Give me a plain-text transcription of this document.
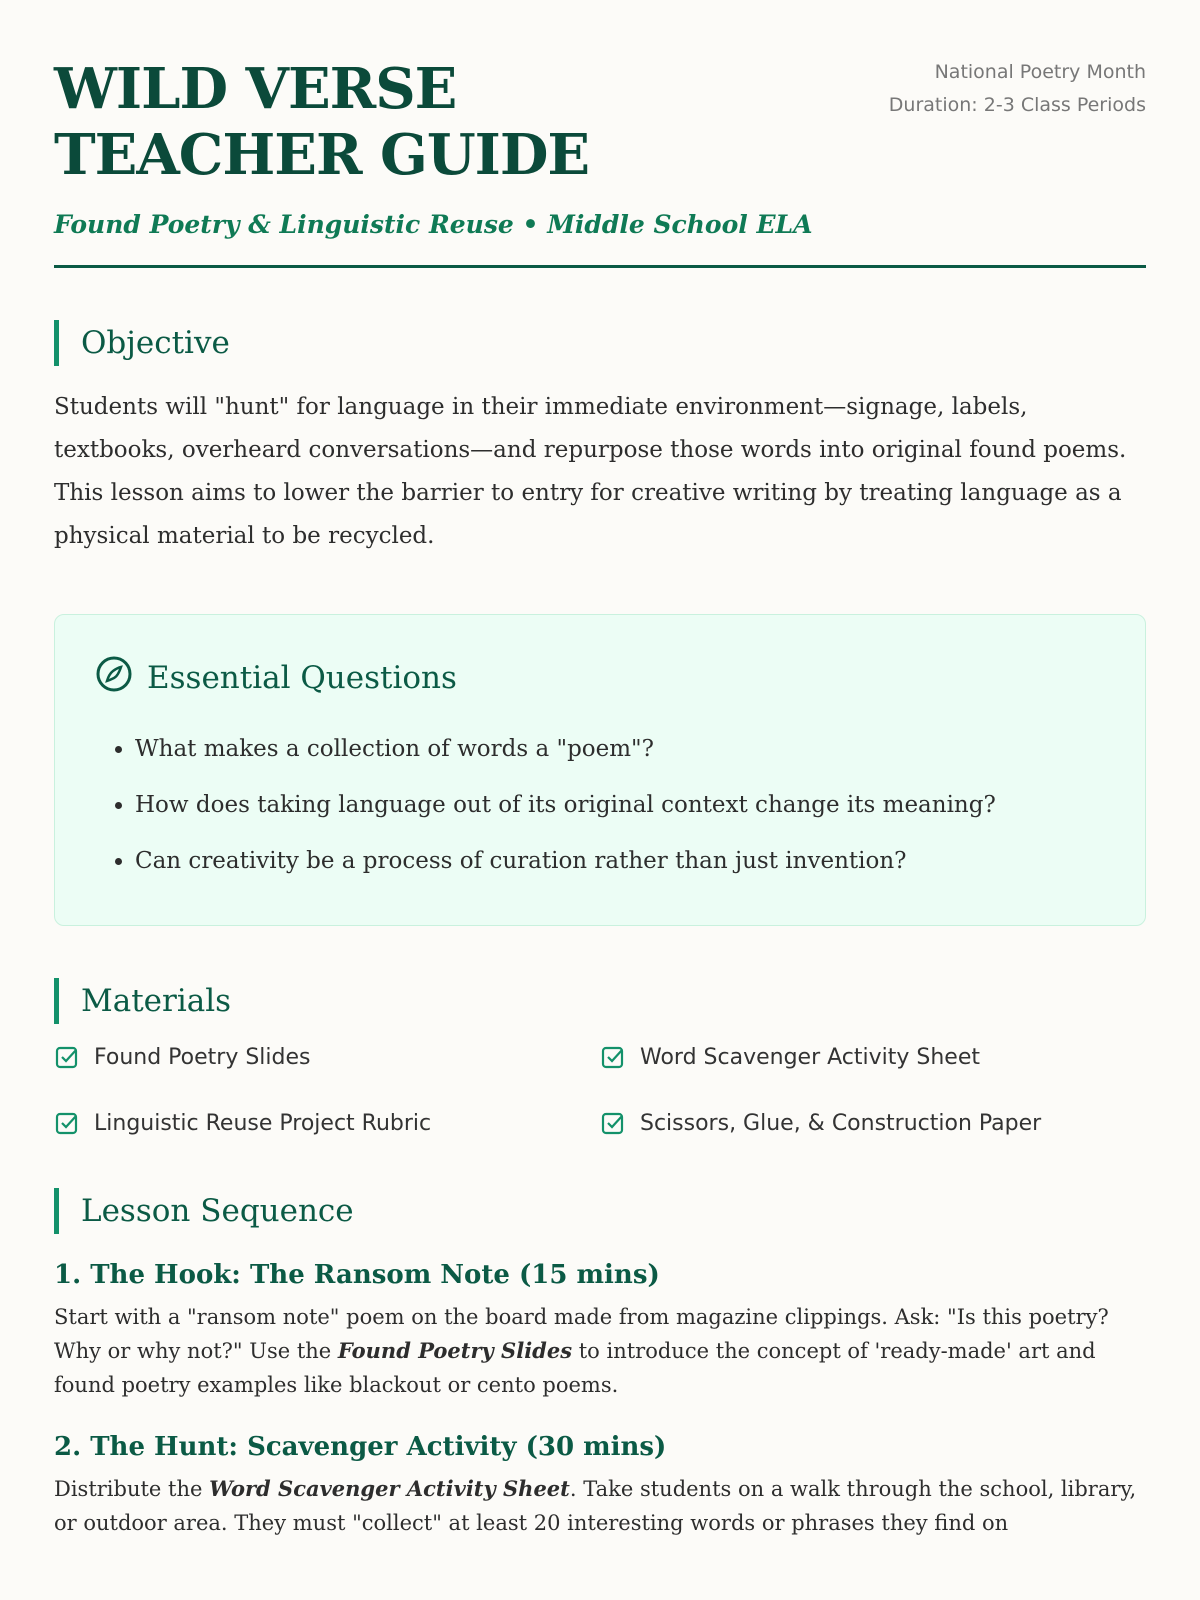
WILD VERSE TEACHER GUIDE
Found Poetry & Linguistic Reuse • Middle School ELA
National Poetry Month
Duration: 2-3 Class Periods
Objective

Students will "hunt" for language in their immediate environment—signage, labels, textbooks, overheard conversations—and repurpose those words into original found poems. This lesson aims to lower the barrier to entry for creative writing by treating language as a physical material to be recycled.

Essential Questions
• What makes a collection of words a "poem"?
• How does taking language out of its original context change its meaning?
• Can creativity be a process of curation rather than just invention?
Materials
Found Poetry Slides	Word Scavenger Activity Sheet
Linguistic Reuse Project Rubric	Scissors, Glue, & Construction Paper
Lesson Sequence
1. The Hook: The Ransom Note (15 mins)

Start with a "ransom note" poem on the board made from magazine clippings. Ask: "Is this poetry? Why or why not?" Use the Found Poetry Slides to introduce the concept of 'ready-made' art and found poetry examples like blackout or cento poems.

2. The Hunt: Scavenger Activity (30 mins)

Distribute the Word Scavenger Activity Sheet. Take students on a walk through the school, library, or outdoor area. They must "collect" at least 20 interesting words or phrases they find on
